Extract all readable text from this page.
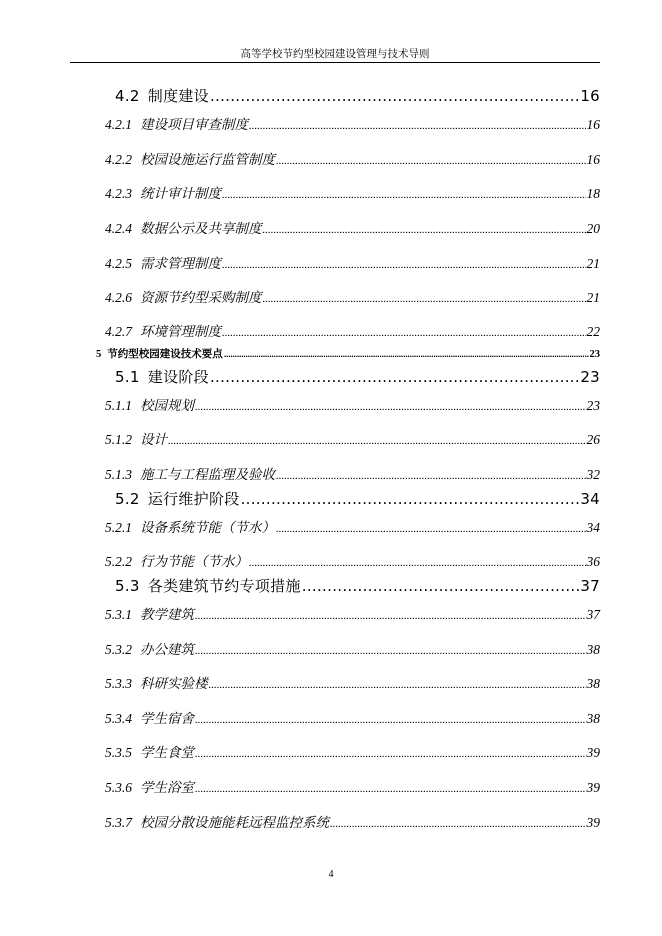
高等学校节约型校园建设管理与技术导则
4.2 制度建设 .....	16
4.2.1 建设项目审查制度 .....	16
4.2.2 校园设施运行监管制度 .....	16
4.2.3 统计审计制度 .....	18
4.2.4 数据公示及共享制度 .....	20
4.2.5 需求管理制度 .....	21
4.2.6 资源节约型采购制度 .....	21
4.2.7 环境管理制度 .....	22
5 节约型校园建设技术要点 .....	23
5.1 建设阶段 .....	23
5.1.1 校园规划 .....	23
5.1.2 设计 .....	26
5.1.3 施工与工程监理及验收 .....	32
5.2 运行维护阶段 .....	34
5.2.1 设备系统节能（节水） .....	34
5.2.2 行为节能（节水） .....	36
5.3 各类建筑节约专项措施 .....	37
5.3.1 教学建筑 .....	37
5.3.2 办公建筑 .....	38
5.3.3 科研实验楼 .....	38
5.3.4 学生宿舍 .....	38
5.3.5 学生食堂 .....	39
5.3.6 学生浴室 .....	39
5.3.7 校园分散设施能耗远程监控系统 .....	39
4
